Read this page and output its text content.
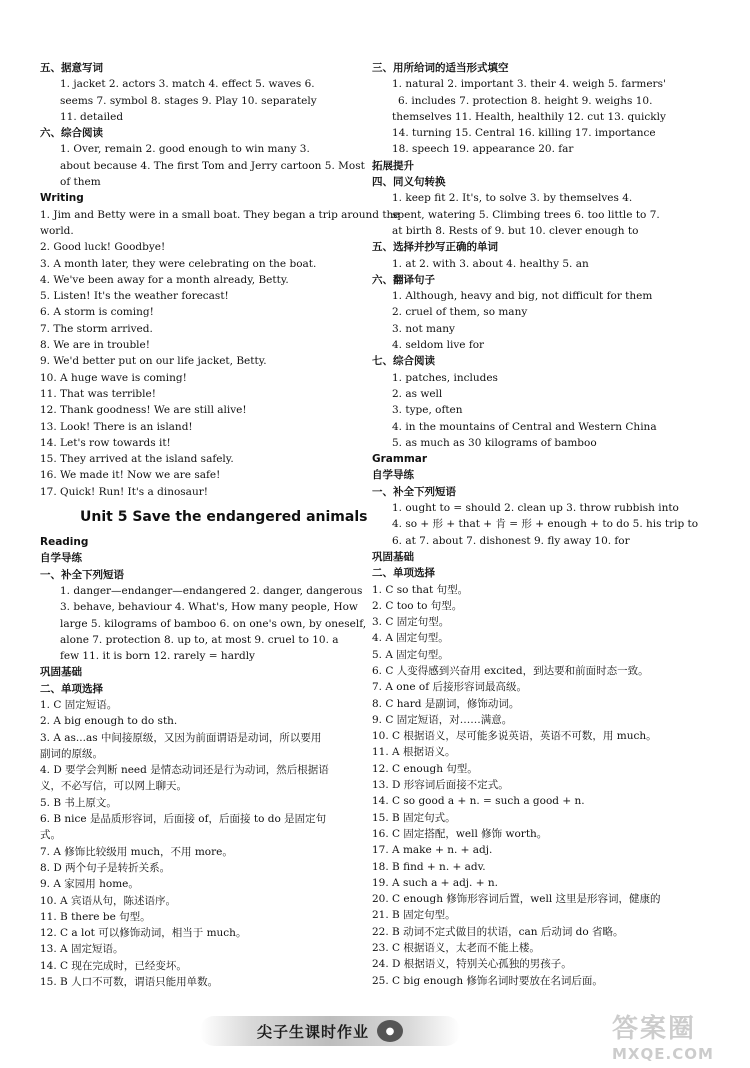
五、据意写词
1. jacket 2. actors 3. match 4. effect 5. waves 6.
seems 7. symbol 8. stages 9. Play 10. separately
11. detailed
六、综合阅读
1. Over, remain 2. good enough to win many 3.
about because 4. The first Tom and Jerry cartoon 5. Most
of them
Writing
1. Jim and Betty were in a small boat. They began a trip around the
world.
2. Good luck! Goodbye!
3. A month later, they were celebrating on the boat.
4. We've been away for a month already, Betty.
5. Listen! It's the weather forecast!
6. A storm is coming!
7. The storm arrived.
8. We are in trouble!
9. We'd better put on our life jacket, Betty.
10. A huge wave is coming!
11. That was terrible!
12. Thank goodness! We are still alive!
13. Look! There is an island!
14. Let's row towards it!
15. They arrived at the island safely.
16. We made it! Now we are safe!
17. Quick! Run! It's a dinosaur!
Unit 5 Save the endangered animals
Reading
自学导练
一、补全下列短语
1. danger—endanger—endangered 2. danger, dangerous
3. behave, behaviour 4. What's, How many people, How
large 5. kilograms of bamboo 6. on one's own, by oneself,
alone 7. protection 8. up to, at most 9. cruel to 10. a
few 11. it is born 12. rarely = hardly
巩固基础
二、单项选择
1. C 固定短语。
2. A big enough to do sth.
3. A as...as 中间接原级，又因为前面谓语是动词，所以要用
副词的原级。
4. D 要学会判断 need 是情态动词还是行为动词，然后根据语
义，不必写信，可以网上聊天。
5. B 书上原文。
6. B nice 是品质形容词，后面接 of，后面接 to do 是固定句
式。
7. A 修饰比较级用 much，不用 more。
8. D 两个句子是转折关系。
9. A 家园用 home。
10. A 宾语从句，陈述语序。
11. B there be 句型。
12. C a lot 可以修饰动词，相当于 much。
13. A 固定短语。
14. C 现在完成时，已经变坏。
15. B 人口不可数，谓语只能用单数。
三、用所给词的适当形式填空
1. natural 2. important 3. their 4. weigh 5. farmers'
6. includes 7. protection 8. height 9. weighs 10.
themselves 11. Health, healthily 12. cut 13. quickly
14. turning 15. Central 16. killing 17. importance
18. speech 19. appearance 20. far
拓展提升
四、同义句转换
1. keep fit 2. It's, to solve 3. by themselves 4.
spent, watering 5. Climbing trees 6. too little to 7.
at birth 8. Rests of 9. but 10. clever enough to
五、选择并抄写正确的单词
1. at 2. with 3. about 4. healthy 5. an
六、翻译句子
1. Although, heavy and big, not difficult for them
2. cruel of them, so many
3. not many
4. seldom live for
七、综合阅读
1. patches, includes
2. as well
3. type, often
4. in the mountains of Central and Western China
5. as much as 30 kilograms of bamboo
Grammar
自学导练
一、补全下列短语
1. ought to = should 2. clean up 3. throw rubbish into
4. so + 形 + that + 肯 = 形 + enough + to do 5. his trip to
6. at 7. about 7. dishonest 9. fly away 10. for
巩固基础
二、单项选择
1. C so that 句型。
2. C too to 句型。
3. C 固定句型。
4. A 固定句型。
5. A 固定句型。
6. C 人变得感到兴奋用 excited，到达要和前面时态一致。
7. A one of 后接形容词最高级。
8. C hard 是副词，修饰动词。
9. C 固定短语，对……满意。
10. C 根据语义，尽可能多说英语，英语不可数，用 much。
11. A 根据语义。
12. C enough 句型。
13. D 形容词后面接不定式。
14. C so good a + n. = such a good + n.
15. B 固定句式。
16. C 固定搭配，well 修饰 worth。
17. A make + n. + adj.
18. B find + n. + adv.
19. A such a + adj. + n.
20. C enough 修饰形容词后置，well 这里是形容词，健康的
21. B 固定句型。
22. B 动词不定式做目的状语，can 后动词 do 省略。
23. C 根据语义，太老而不能上楼。
24. D 根据语义，特别关心孤独的男孩子。
25. C big enough 修饰名词时要放在名词后面。
尖子生课时作业	●	答案圈
MXQE.COM
